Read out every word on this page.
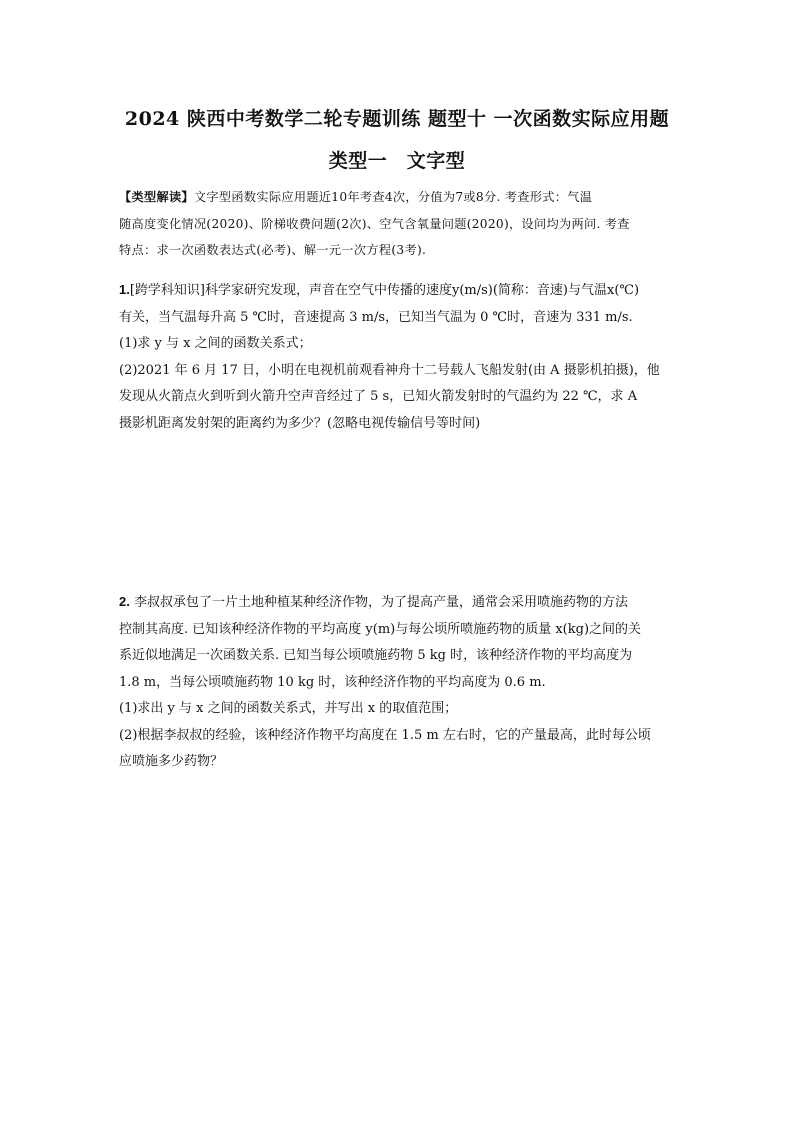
2024 陕西中考数学二轮专题训练 题型十 一次函数实际应用题
类型一　文字型
【类型解读】文字型函数实际应用题近10年考查4次，分值为7或8分. 考查形式：气温
随高度变化情况(2020)、阶梯收费问题(2次)、空气含氧量问题(2020)，设问均为两问. 考查
特点：求一次函数表达式(必考)、解一元一次方程(3考).
1.[跨学科知识]科学家研究发现，声音在空气中传播的速度y(m/s)(简称：音速)与气温x(℃)
有关，当气温每升高 5 ℃时，音速提高 3 m/s，已知当气温为 0 ℃时，音速为 331 m/s.
(1)求 y 与 x 之间的函数关系式；
(2)2021 年 6 月 17 日，小明在电视机前观看神舟十二号载人飞船发射(由 A 摄影机拍摄)，他
发现从火箭点火到听到火箭升空声音经过了 5 s，已知火箭发射时的气温约为 22 ℃，求 A
摄影机距离发射架的距离约为多少？(忽略电视传输信号等时间)
2. 李叔叔承包了一片土地种植某种经济作物，为了提高产量，通常会采用喷施药物的方法
控制其高度. 已知该种经济作物的平均高度 y(m)与每公顷所喷施药物的质量 x(kg)之间的关
系近似地满足一次函数关系. 已知当每公顷喷施药物 5 kg 时，该种经济作物的平均高度为
1.8 m，当每公顷喷施药物 10 kg 时，该种经济作物的平均高度为 0.6 m.
(1)求出 y 与 x 之间的函数关系式，并写出 x 的取值范围；
(2)根据李叔叔的经验，该种经济作物平均高度在 1.5 m 左右时，它的产量最高，此时每公顷
应喷施多少药物？
